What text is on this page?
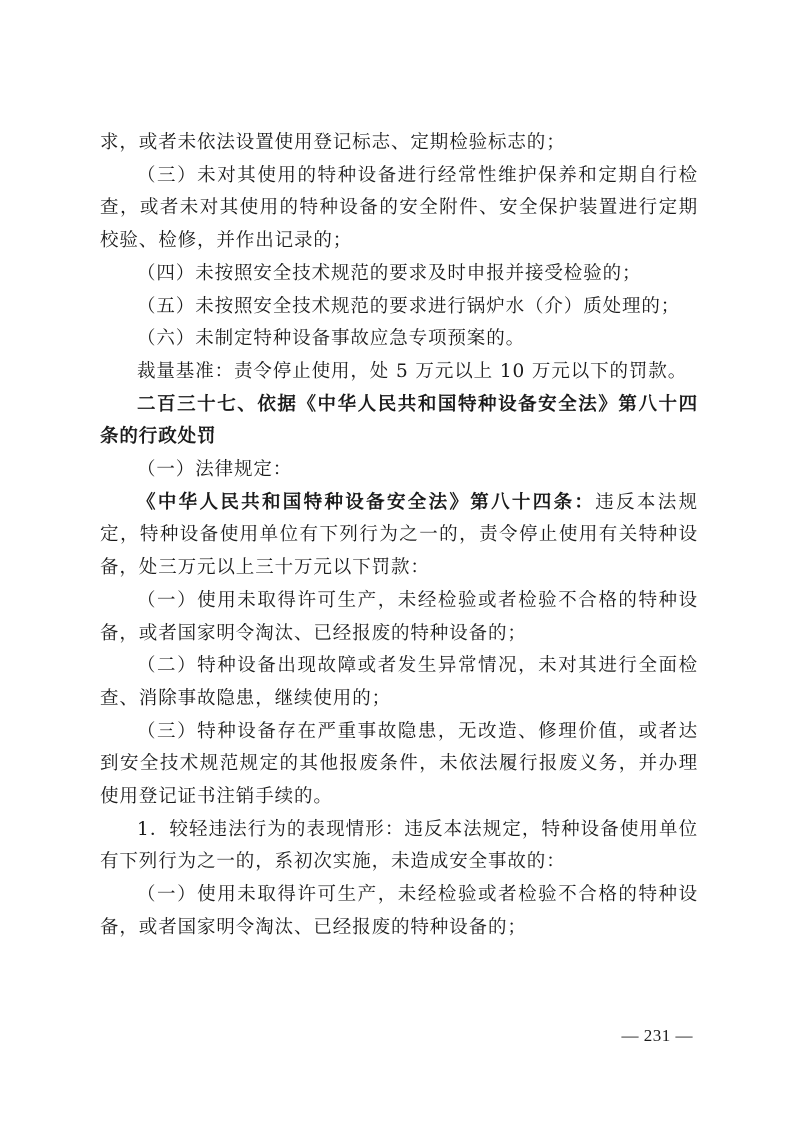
求，或者未依法设置使用登记标志、定期检验标志的；

（三）未对其使用的特种设备进行经常性维护保养和定期自行检查，或者未对其使用的特种设备的安全附件、安全保护装置进行定期校验、检修，并作出记录的；

（四）未按照安全技术规范的要求及时申报并接受检验的；

（五）未按照安全技术规范的要求进行锅炉水（介）质处理的；

（六）未制定特种设备事故应急专项预案的。

裁量基准：责令停止使用，处 5 万元以上 10 万元以下的罚款。

二百三十七、依据《中华人民共和国特种设备安全法》第八十四条的行政处罚

（一）法律规定：

《中华人民共和国特种设备安全法》第八十四条：违反本法规定，特种设备使用单位有下列行为之一的，责令停止使用有关特种设备，处三万元以上三十万元以下罚款：

（一）使用未取得许可生产，未经检验或者检验不合格的特种设备，或者国家明令淘汰、已经报废的特种设备的；

（二）特种设备出现故障或者发生异常情况，未对其进行全面检查、消除事故隐患，继续使用的；

（三）特种设备存在严重事故隐患，无改造、修理价值，或者达到安全技术规范规定的其他报废条件，未依法履行报废义务，并办理使用登记证书注销手续的。

1．较轻违法行为的表现情形：违反本法规定，特种设备使用单位有下列行为之一的，系初次实施，未造成安全事故的：

（一）使用未取得许可生产，未经检验或者检验不合格的特种设备，或者国家明令淘汰、已经报废的特种设备的；

— 231 —
